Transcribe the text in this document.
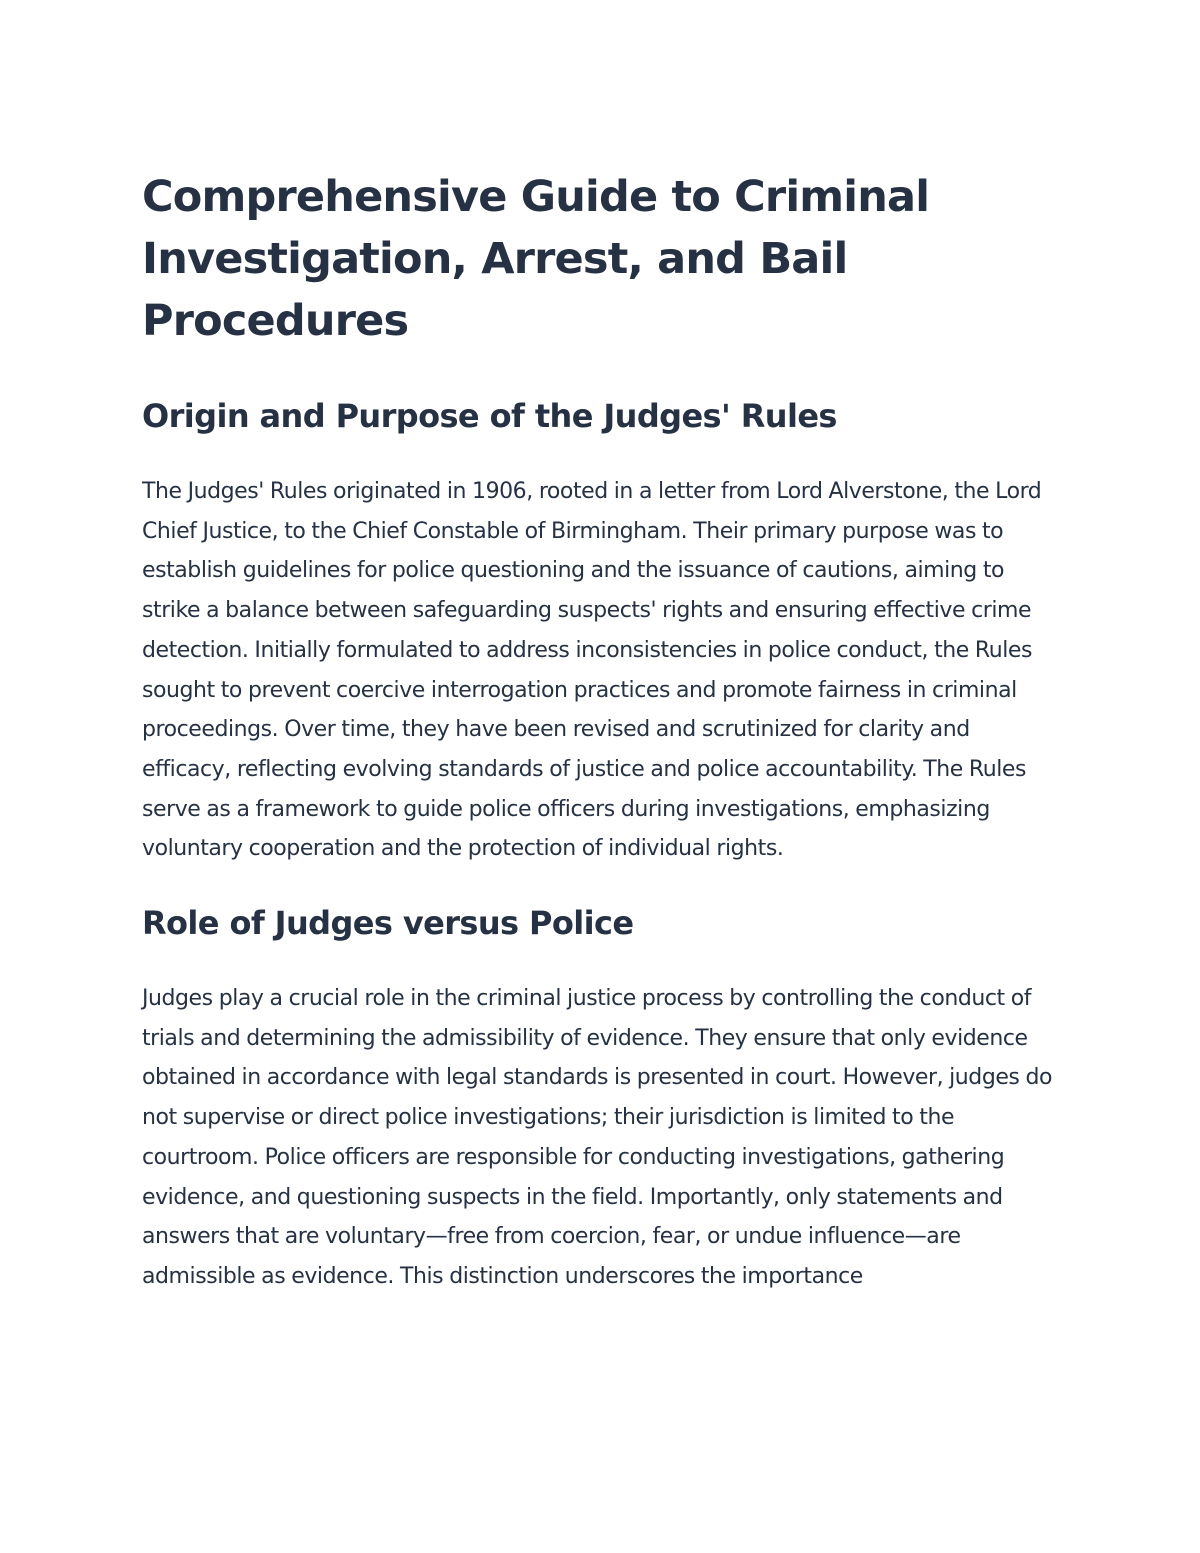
Comprehensive Guide to Criminal Investigation, Arrest, and Bail Procedures
Origin and Purpose of the Judges' Rules

The Judges' Rules originated in 1906, rooted in a letter from Lord Alverstone, the Lord Chief Justice, to the Chief Constable of Birmingham. Their primary purpose was to establish guidelines for police questioning and the issuance of cautions, aiming to strike a balance between safeguarding suspects' rights and ensuring effective crime detection. Initially formulated to address inconsistencies in police conduct, the Rules sought to prevent coercive interrogation practices and promote fairness in criminal proceedings. Over time, they have been revised and scrutinized for clarity and efficacy, reflecting evolving standards of justice and police accountability. The Rules serve as a framework to guide police officers during investigations, emphasizing voluntary cooperation and the protection of individual rights.

Role of Judges versus Police

Judges play a crucial role in the criminal justice process by controlling the conduct of trials and determining the admissibility of evidence. They ensure that only evidence obtained in accordance with legal standards is presented in court. However, judges do not supervise or direct police investigations; their jurisdiction is limited to the courtroom. Police officers are responsible for conducting investigations, gathering evidence, and questioning suspects in the field. Importantly, only statements and answers that are voluntary—free from coercion, fear, or undue influence—are admissible as evidence. This distinction underscores the importance
